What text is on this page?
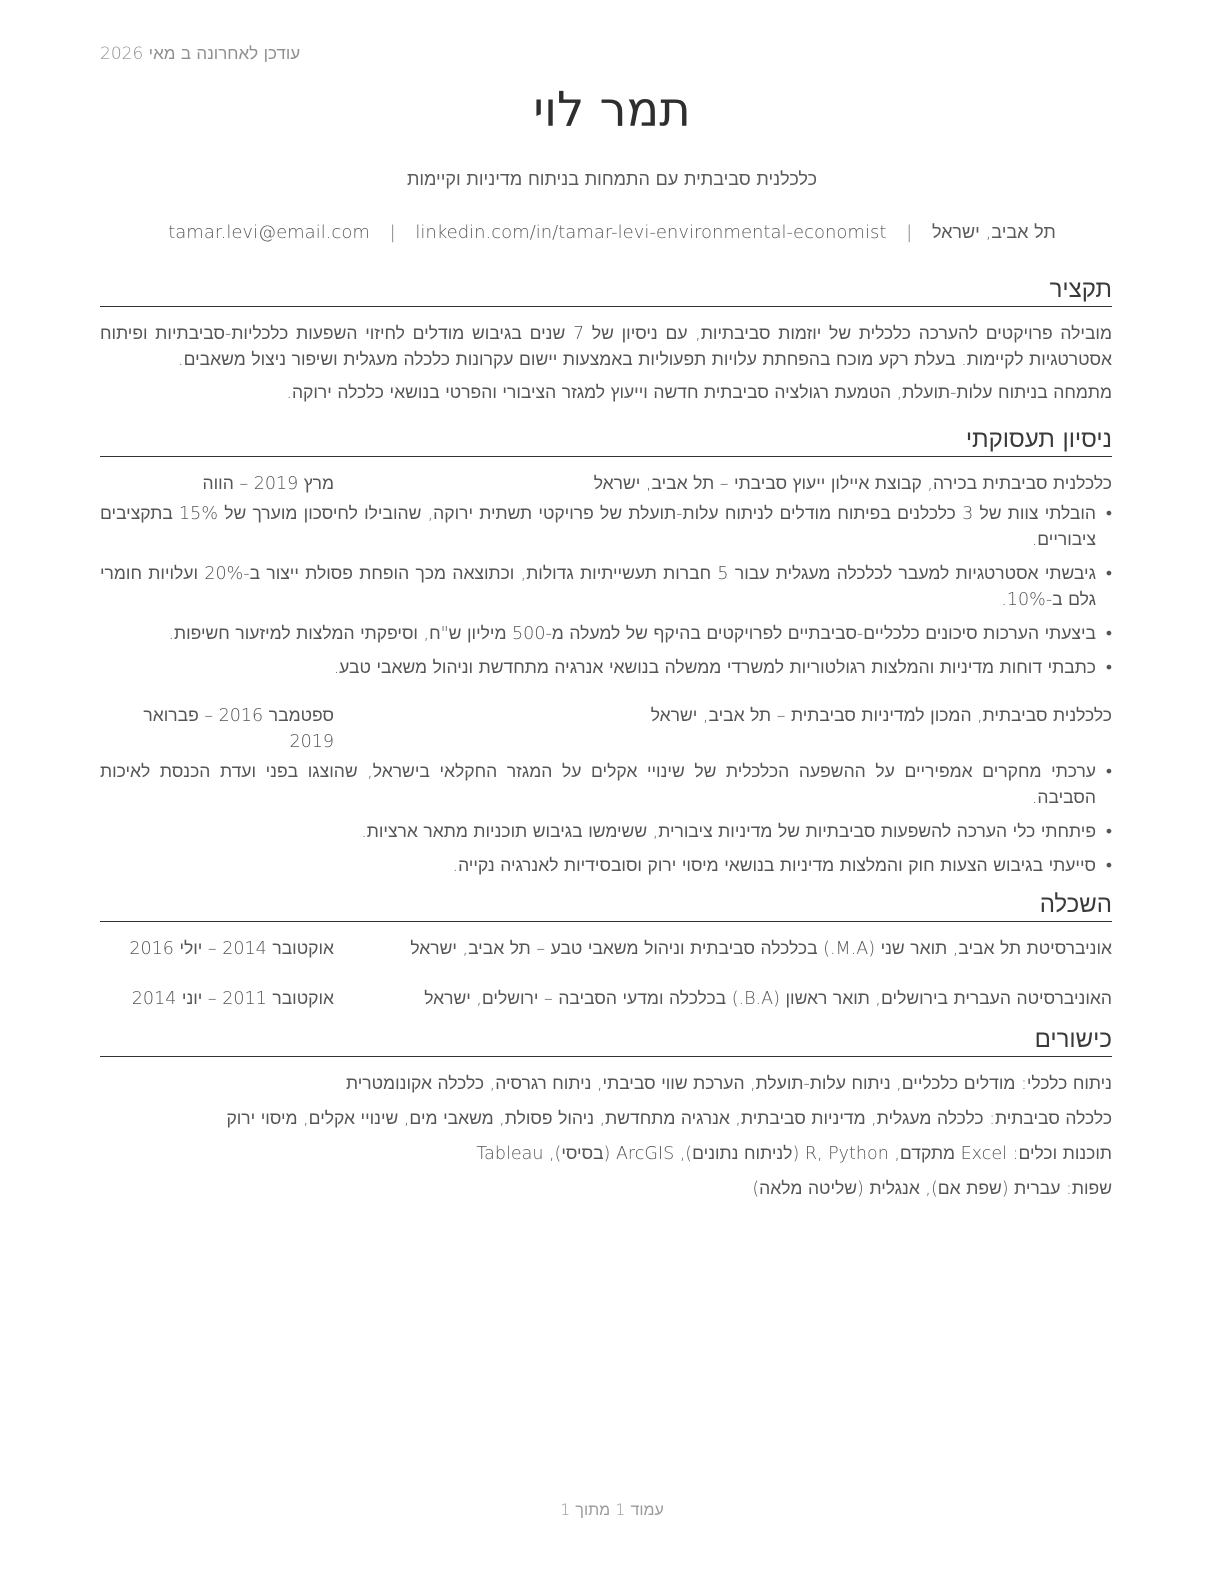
עודכן לאחרונה ב מאי 2026
תמר לוי
כלכלנית סביבתית עם התמחות בניתוח מדיניות וקיימות
תל אביב, ישראל | tamar.levi@email.com | linkedin.com/in/tamar-levi-environmental-economist
תקציר

מובילה פרויקטים להערכה כלכלית של יוזמות סביבתיות, עם ניסיון של 7 שנים בגיבוש מודלים לחיזוי השפעות כלכליות-סביבתיות ופיתוח אסטרטגיות לקיימות. בעלת רקע מוכח בהפחתת עלויות תפעוליות באמצעות יישום עקרונות כלכלה מעגלית ושיפור ניצול משאבים.

מתמחה בניתוח עלות-תועלת, הטמעת רגולציה סביבתית חדשה וייעוץ למגזר הציבורי והפרטי בנושאי כלכלה ירוקה.

ניסיון תעסוקתי
כלכלנית סביבתית בכירה, קבוצת איילון ייעוץ סביבתי – תל אביב, ישראל
מרץ 2019 – הווה
• הובלתי צוות של 3 כלכלנים בפיתוח מודלים לניתוח עלות-תועלת של פרויקטי תשתית ירוקה, שהובילו לחיסכון מוערך של 15% בתקציבים ציבוריים.
• גיבשתי אסטרטגיות למעבר לכלכלה מעגלית עבור 5 חברות תעשייתיות גדולות, וכתוצאה מכך הופחת פסולת ייצור ב-20% ועלויות חומרי גלם ב-10%.
• ביצעתי הערכות סיכונים כלכליים-סביבתיים לפרויקטים בהיקף של למעלה מ-500 מיליון ש"ח, וסיפקתי המלצות למיזעור חשיפות.
• כתבתי דוחות מדיניות והמלצות רגולטוריות למשרדי ממשלה בנושאי אנרגיה מתחדשת וניהול משאבי טבע.
כלכלנית סביבתית, המכון למדיניות סביבתית – תל אביב, ישראל
ספטמבר 2016 – פברואר 2019
• ערכתי מחקרים אמפיריים על ההשפעה הכלכלית של שינויי אקלים על המגזר החקלאי בישראל, שהוצגו בפני ועדת הכנסת לאיכות הסביבה.
• פיתחתי כלי הערכה להשפעות סביבתיות של מדיניות ציבורית, ששימשו בגיבוש תוכניות מתאר ארציות.
• סייעתי בגיבוש הצעות חוק והמלצות מדיניות בנושאי מיסוי ירוק וסובסידיות לאנרגיה נקייה.
השכלה
אוניברסיטת תל אביב, תואר שני (M.A.) בכלכלה סביבתית וניהול משאבי טבע – תל אביב, ישראל
אוקטובר 2014 – יולי 2016
האוניברסיטה העברית בירושלים, תואר ראשון (B.A.) בכלכלה ומדעי הסביבה – ירושלים, ישראל
אוקטובר 2011 – יוני 2014
כישורים
ניתוח כלכלי: מודלים כלכליים, ניתוח עלות-תועלת, הערכת שווי סביבתי, ניתוח רגרסיה, כלכלה אקונומטרית
כלכלה סביבתית: כלכלה מעגלית, מדיניות סביבתית, אנרגיה מתחדשת, ניהול פסולת, משאבי מים, שינויי אקלים, מיסוי ירוק
תוכנות וכלים: Excel מתקדם, R, Python (לניתוח נתונים), ArcGIS (בסיסי), Tableau
שפות: עברית (שפת אם), אנגלית (שליטה מלאה)
עמוד 1 מתוך 1
